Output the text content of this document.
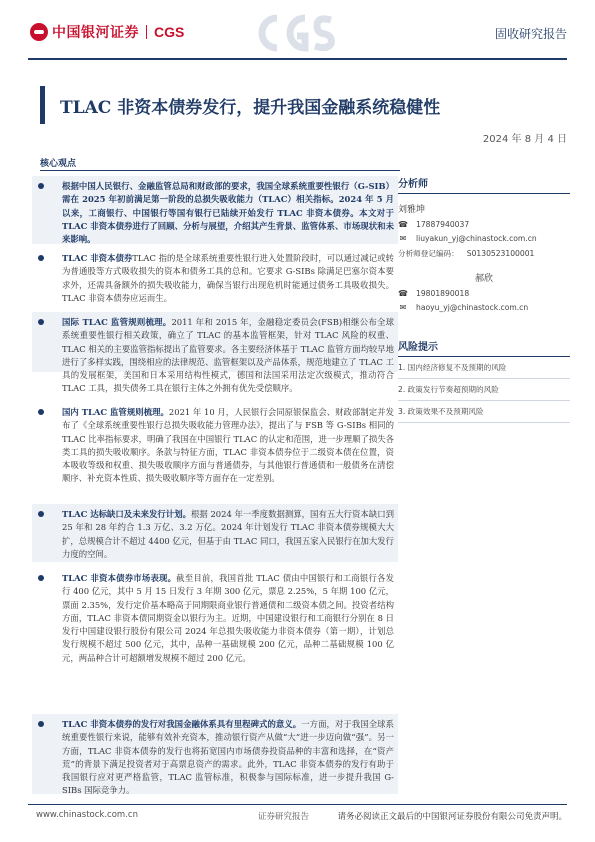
中国银河证券 CGS	固收研究报告
TLAC 非资本债券发行，提升我国金融系统稳健性
2024 年 8 月 4 日
核心观点

根据中国人民银行、金融监管总局和财政部的要求，我国全球系统重要性银行（G-SIB）需在 2025 年初前满足第一阶段的总损失吸收能力（TLAC）相关指标。2024 年 5 月以来，工商银行、中国银行等国有银行已陆续开始发行 TLAC 非资本债券。本文对于 TLAC 非资本债券进行了回顾、分析与展望，介绍其产生背景、监管体系、市场现状和未来影响。

TLAC 非资本债券TLAC 指的是全球系统重要性银行进入处置阶段时，可以通过减记或转为普通股等方式吸收损失的资本和债务工具的总和。它要求 G-SIBs 除满足巴塞尔资本要求外，还需具备额外的损失吸收能力，确保当银行出现危机时能通过债务工具吸收损失。TLAC 非资本债券应运而生。

国际 TLAC 监管规则梳理。2011 年和 2015 年，金融稳定委员会(FSB)相继公布全球系统重要性银行相关政策，确立了 TLAC 的基本监管框架，针对 TLAC 风险的权重、TLAC 相关的主要监管指标提出了监管要求。各主要经济体基于 TLAC 监管方面均较早地进行了多样实践，围绕相应的法律规范、监管框架以及产品体系，规范地建立了 TLAC 工具的发展框架，美国和日本采用结构性模式，德国和法国采用法定次级模式，推动符合 TLAC 工具，损失债务工具在银行主体之外拥有优先受偿顺序。

国内 TLAC 监管规则梳理。2021 年 10 月，人民银行会同原银保监会、财政部制定并发布了《全球系统重要性银行总损失吸收能力管理办法》，提出了与 FSB 等 G-SIBs 相同的 TLAC 比率指标要求，明确了我国在中国银行 TLAC 的认定和范围，进一步理顺了损失各类工具的损失吸收顺序。条款与特征方面，TLAC 非资本债券位于二级资本债在位置，资本吸收等级和权重、损失吸收顺序方面与普通债券，与其他银行普通债和一般债务在清偿顺序、补充资本性质、损失吸收顺序等方面存在一定差别。

TLAC 达标缺口及未来发行计划。根据 2024 年一季度数据测算，国有五大行资本缺口到 25 年和 28 年约合 1.3 万亿、3.2 万亿。2024 年计划发行 TLAC 非资本债券规模大大扩，总规模合计不超过 4400 亿元，但基于由 TLAC 同口，我国五家入民银行在加大发行力度的空间。

TLAC 非资本债券市场表现。截至目前，我国首批 TLAC 债由中国银行和工商银行各发行 400 亿元，其中 5 月 15 日发行 3 年期 300 亿元，票息 2.25%，5 年期 100 亿元，票面 2.35%，发行定价基本略高于同期限商业银行普通债和二级资本债之间。投资者结构方面，TLAC 非资本债同期资金以银行为主。近期，中国建设银行和工商银行分别在 8 日发行中国建设银行股份有限公司 2024 年总损失吸收能力非资本债券（第一期），计划总发行规模不超过 500 亿元，其中，品种一基础规模 200 亿元，品种二基础规模 100 亿元，两品种合计可超额增发规模不超过 200 亿元。

TLAC 非资本债券的发行对我国金融体系具有里程碑式的意义。一方面，对于我国全球系统重要性银行来说，能够有效补充资本，推动银行资产从做“大”进一步迈向做“强”。另一方面，TLAC 非资本债券的发行也将拓宽国内市场债券投资品种的丰富和选择，在“资产荒”的背景下满足投资者对于高票息资产的需求。此外，TLAC 非资本债券的发行有助于我国银行应对更严格监管，TLAC 监管标准，积极参与国际标准，进一步提升我国 G-SIBs 国际竞争力。

分析师
刘雅坤
☎ 17887940037
✉ liuyakun_yj@chinastock.com.cn
分析师登记编码： S0130523100001
郝欣
☎ 19801890018
✉ haoyu_yj@chinastock.com.cn
风险提示
1. 国内经济修复不及预期的风险
2. 政策发行节奏超预期的风险
3. 政策效果不及预期风险
www.chinastock.com.cn	证券研究报告	请务必阅读正文最后的中国银河证券股份有限公司免责声明。
